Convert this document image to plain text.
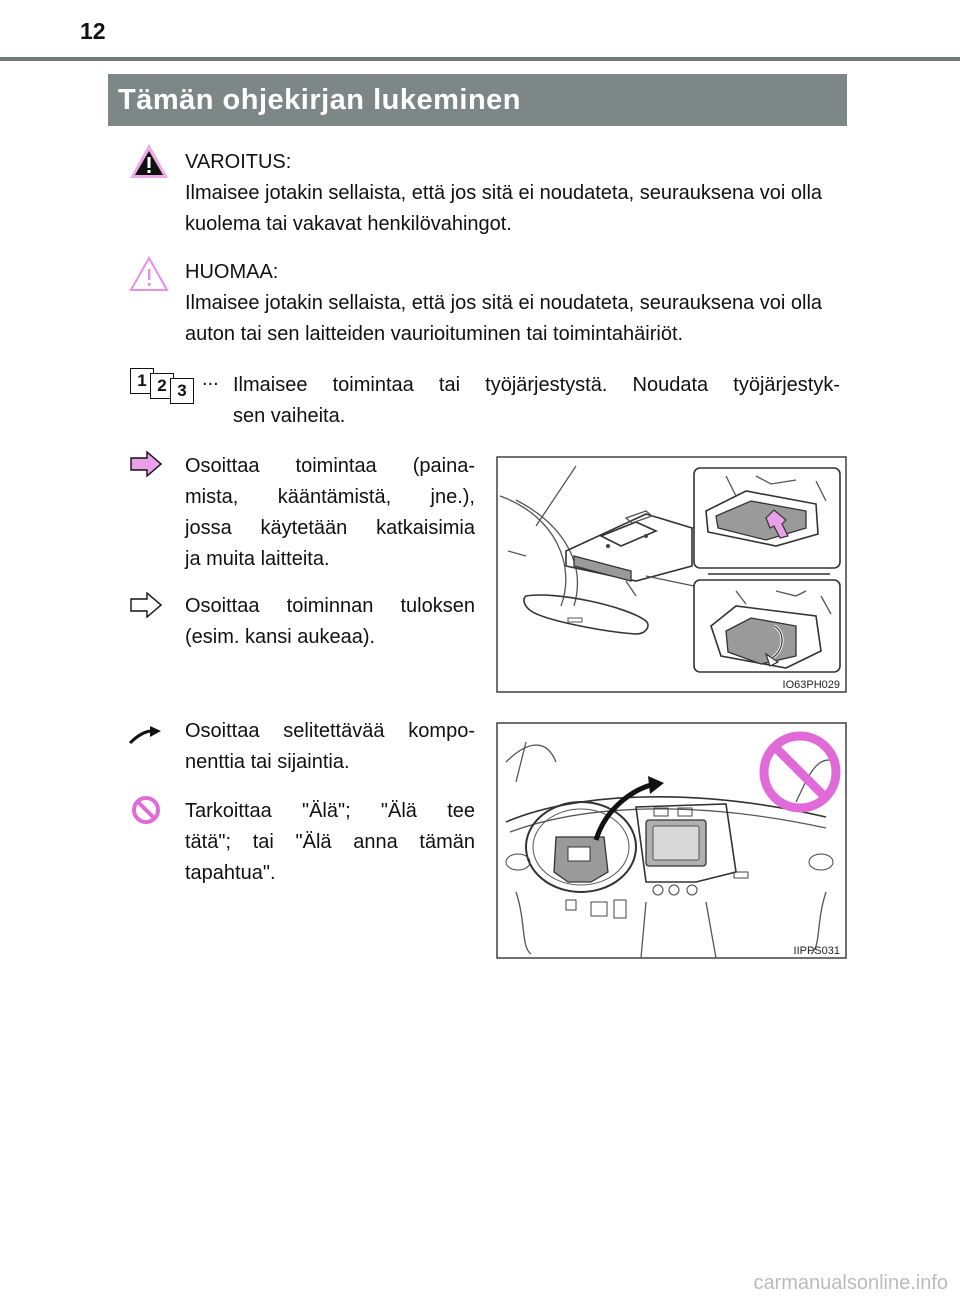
12
Tämän ohjekirjan lukeminen
VAROITUS:
Ilmaisee jotakin sellaista, että jos sitä ei noudateta, seurauksena voi olla kuolema tai vakavat henkilövahingot.
HUOMAA:
Ilmaisee jotakin sellaista, että jos sitä ei noudateta, seurauksena voi olla auton tai sen laitteiden vaurioituminen tai toimintahäiriöt.
1 2 3
... Ilmaisee toimintaa tai työjärjestystä. Noudata työjärjestyk-
sen vaiheita.
Osoittaa toimintaa (paina-
mista, kääntämistä, jne.),
jossa käytetään katkaisimia
ja muita laitteita.
Osoittaa toiminnan tuloksen
(esim. kansi aukeaa).
IO63PH029
Osoittaa selitettävää kompo-
nenttia tai sijaintia.
Tarkoittaa "Älä"; "Älä tee
tätä"; tai "Älä anna tämän
tapahtua".
IIPPS031
carmanualsonline.info
